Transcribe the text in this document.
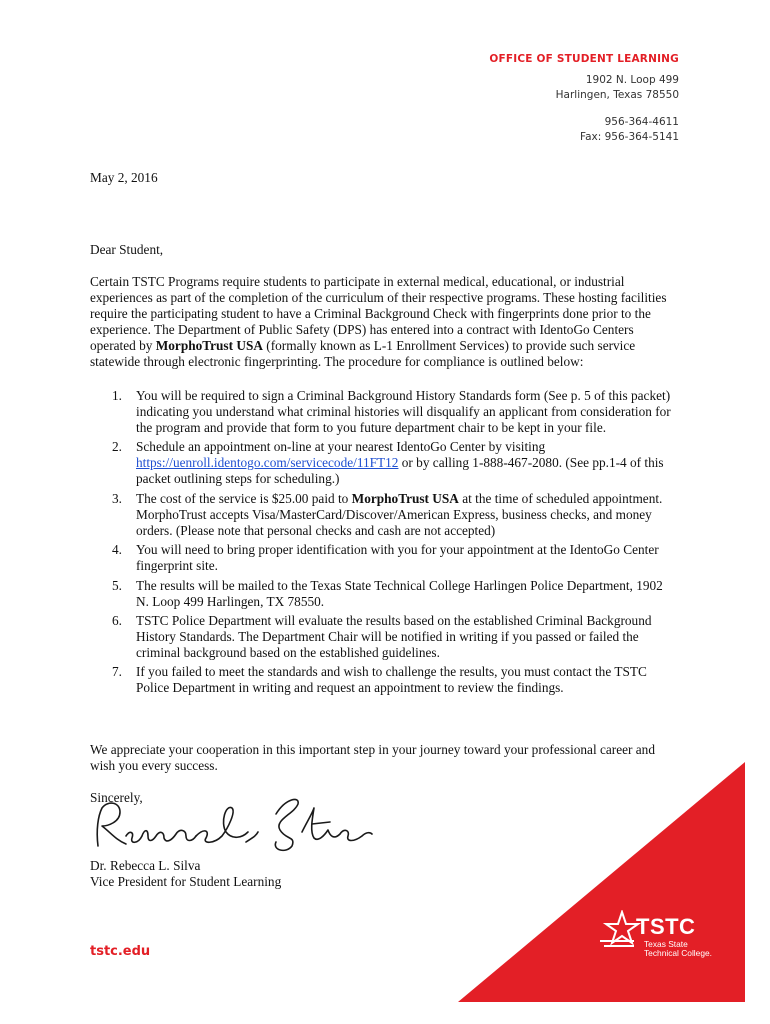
OFFICE OF STUDENT LEARNING
1902 N. Loop 499
Harlingen, Texas 78550
956-364-4611
Fax: 956-364-5141
May 2, 2016
Dear Student,
Certain TSTC Programs require students to participate in external medical, educational, or industrial experiences as part of the completion of the curriculum of their respective programs. These hosting facilities require the participating student to have a Criminal Background Check with fingerprints done prior to the experience. The Department of Public Safety (DPS) has entered into a contract with IdentoGo Centers operated by MorphoTrust USA (formally known as L-1 Enrollment Services) to provide such service statewide through electronic fingerprinting. The procedure for compliance is outlined below:
1. You will be required to sign a Criminal Background History Standards form (See p. 5 of this packet) indicating you understand what criminal histories will disqualify an applicant from consideration for the program and provide that form to you future department chair to be kept in your file.
2. Schedule an appointment on-line at your nearest IdentoGo Center by visiting https://uenroll.identogo.com/servicecode/11FT12 or by calling 1-888-467-2080. (See pp.1-4 of this packet outlining steps for scheduling.)
3. The cost of the service is $25.00 paid to MorphoTrust USA at the time of scheduled appointment. MorphoTrust accepts Visa/MasterCard/Discover/American Express, business checks, and money orders. (Please note that personal checks and cash are not accepted)
4. You will need to bring proper identification with you for your appointment at the IdentoGo Center fingerprint site.
5. The results will be mailed to the Texas State Technical College Harlingen Police Department, 1902 N. Loop 499 Harlingen, TX 78550.
6. TSTC Police Department will evaluate the results based on the established Criminal Background History Standards. The Department Chair will be notified in writing if you passed or failed the criminal background based on the established guidelines.
7. If you failed to meet the standards and wish to challenge the results, you must contact the TSTC Police Department in writing and request an appointment to review the findings.
We appreciate your cooperation in this important step in your journey toward your professional career and wish you every success.
Sincerely,
Dr. Rebecca L. Silva
Vice President for Student Learning
tstc.edu
TSTC
Texas State
Technical College.
